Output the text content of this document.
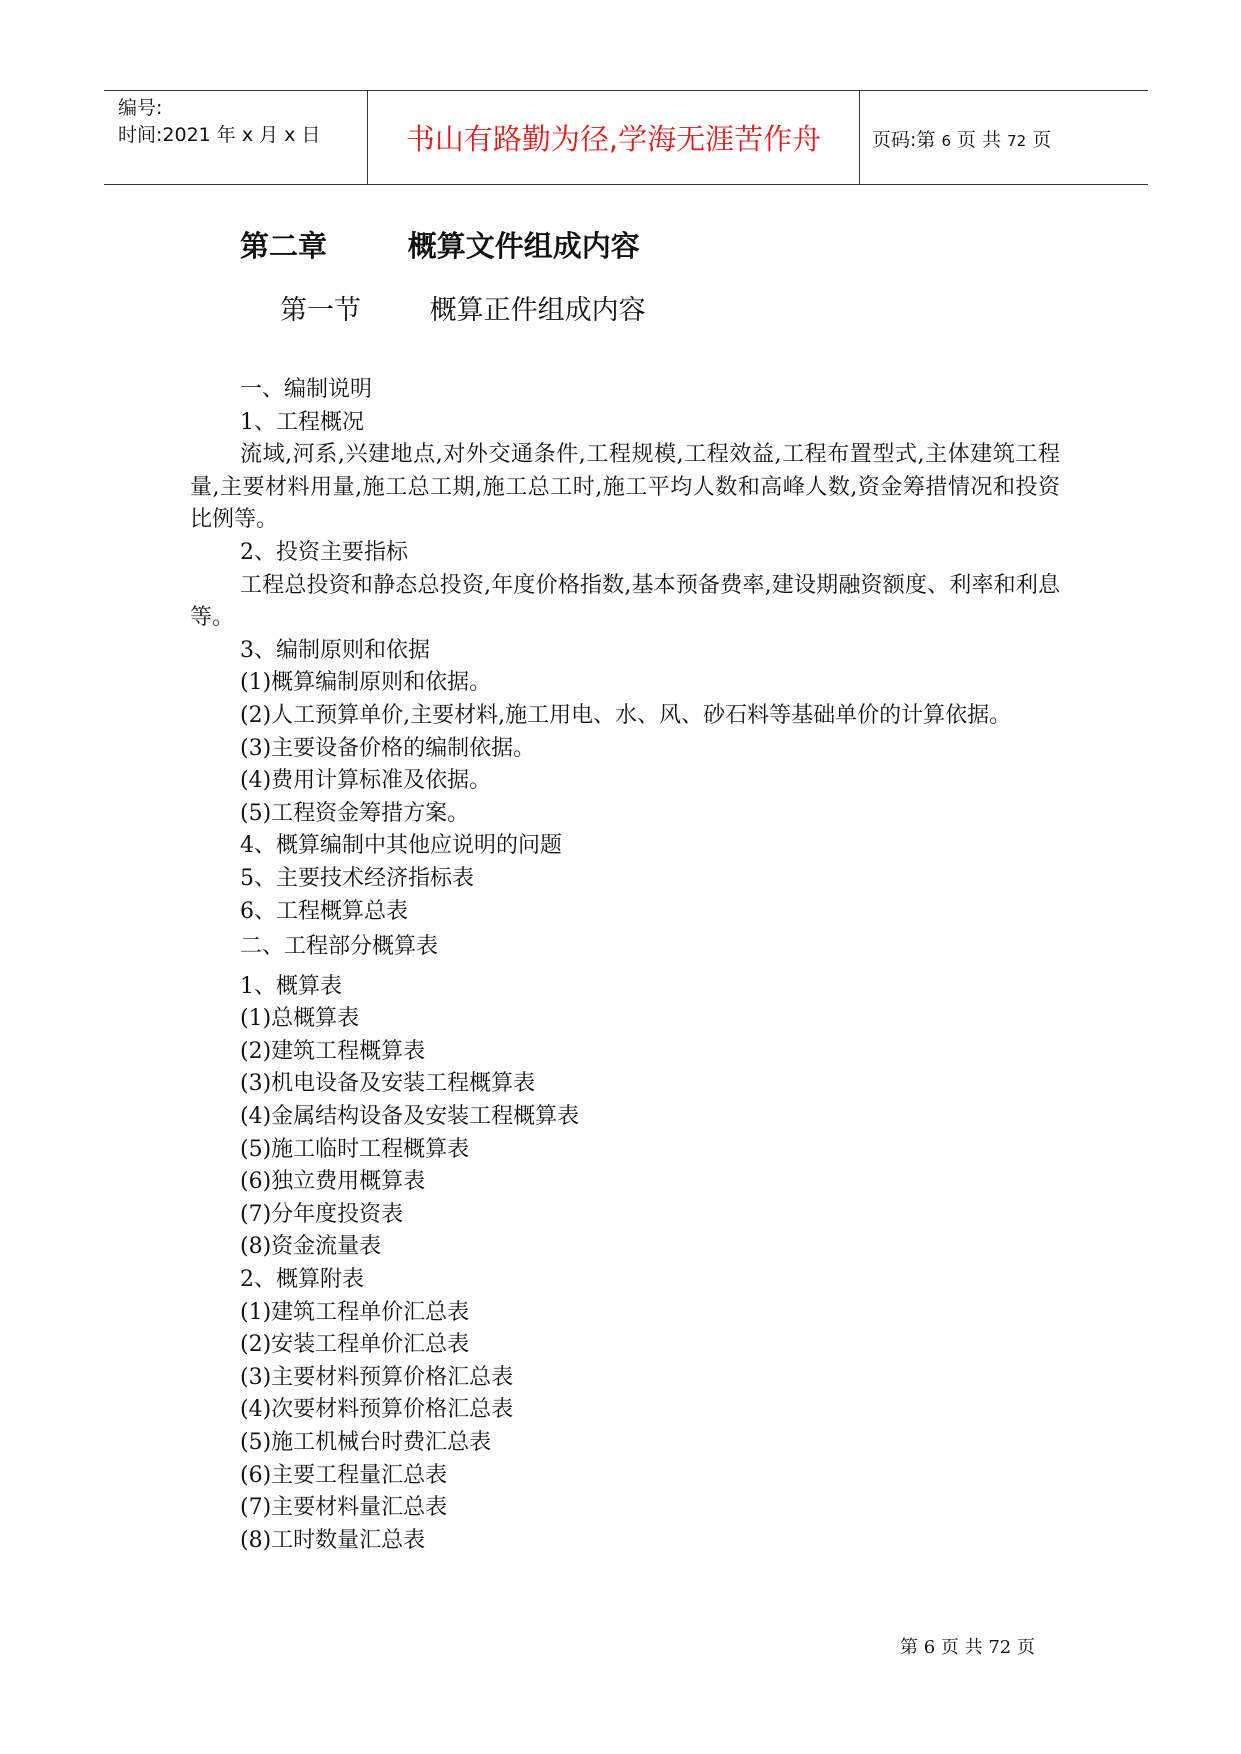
编号:
时间:2021 年 x 月 x 日	书山有路勤为径,学海无涯苦作舟	页码:第 6 页 共 72 页
第二章        概算文件组成内容
第一节        概算正件组成内容
一、编制说明
1、工程概况
流域,河系,兴建地点,对外交通条件,工程规模,工程效益,工程布置型式,主体建筑工程量,主要材料用量,施工总工期,施工总工时,施工平均人数和高峰人数,资金筹措情况和投资比例等。
2、投资主要指标
工程总投资和静态总投资,年度价格指数,基本预备费率,建设期融资额度、利率和利息等。
3、编制原则和依据
(1)概算编制原则和依据。
(2)人工预算单价,主要材料,施工用电、水、风、砂石料等基础单价的计算依据。
(3)主要设备价格的编制依据。
(4)费用计算标准及依据。
(5)工程资金筹措方案。
4、概算编制中其他应说明的问题
5、主要技术经济指标表
6、工程概算总表
二、工程部分概算表
1、概算表
(1)总概算表
(2)建筑工程概算表
(3)机电设备及安装工程概算表
(4)金属结构设备及安装工程概算表
(5)施工临时工程概算表
(6)独立费用概算表
(7)分年度投资表
(8)资金流量表
2、概算附表
(1)建筑工程单价汇总表
(2)安装工程单价汇总表
(3)主要材料预算价格汇总表
(4)次要材料预算价格汇总表
(5)施工机械台时费汇总表
(6)主要工程量汇总表
(7)主要材料量汇总表
(8)工时数量汇总表
第 6 页 共 72 页
